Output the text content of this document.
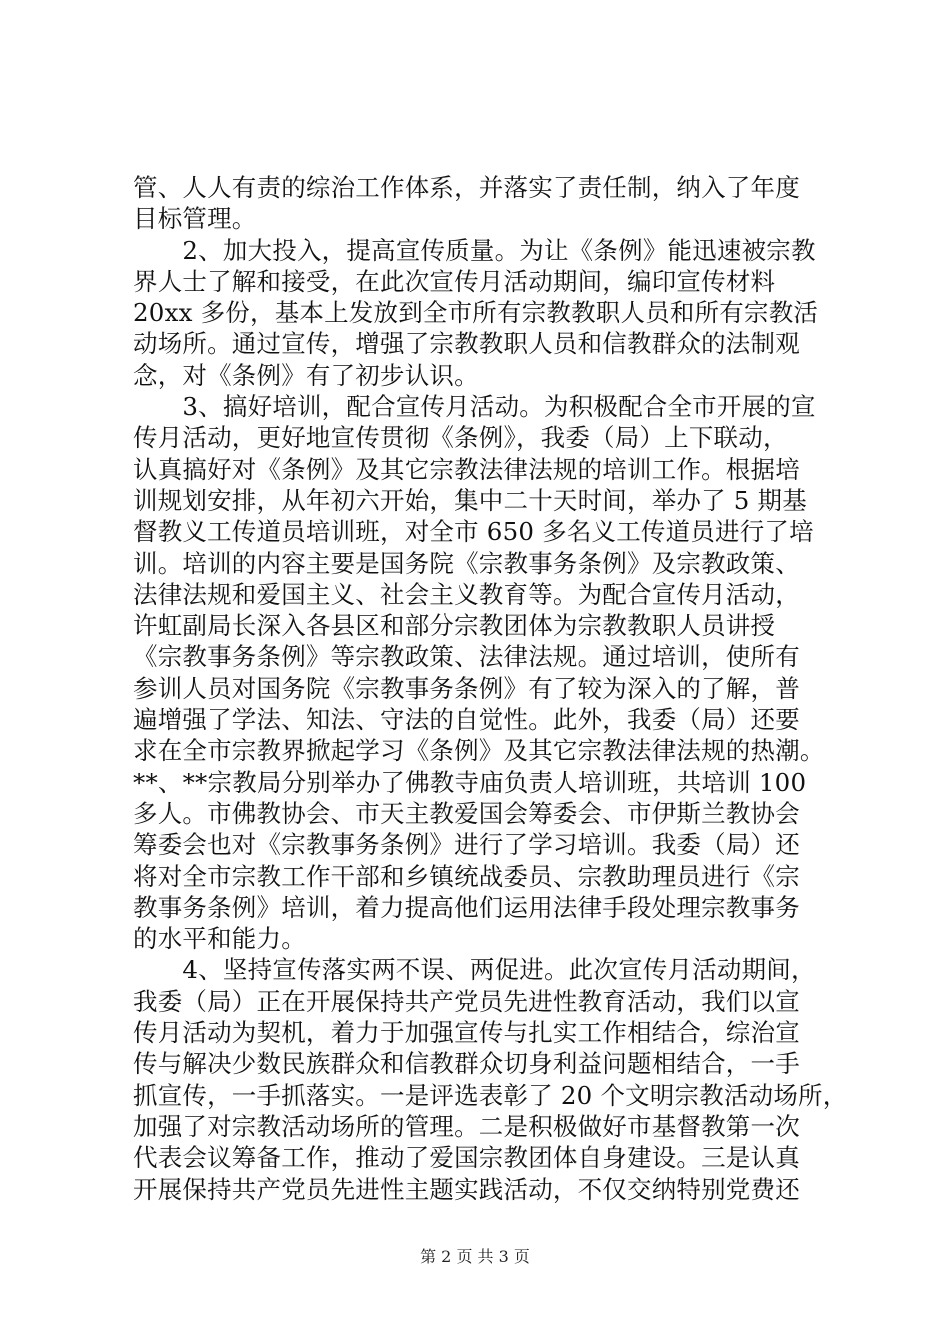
管、人人有责的综治工作体系，并落实了责任制，纳入了年度
目标管理。
　　2、加大投入，提高宣传质量。为让《条例》能迅速被宗教
界人士了解和接受，在此次宣传月活动期间，编印宣传材料
20xx 多份，基本上发放到全市所有宗教教职人员和所有宗教活
动场所。通过宣传，增强了宗教教职人员和信教群众的法制观
念，对《条例》有了初步认识。
　　3、搞好培训，配合宣传月活动。为积极配合全市开展的宣
传月活动，更好地宣传贯彻《条例》，我委（局）上下联动，
认真搞好对《条例》及其它宗教法律法规的培训工作。根据培
训规划安排，从年初六开始，集中二十天时间，举办了 5 期基
督教义工传道员培训班，对全市 650 多名义工传道员进行了培
训。培训的内容主要是国务院《宗教事务条例》及宗教政策、
法律法规和爱国主义、社会主义教育等。为配合宣传月活动，
许虹副局长深入各县区和部分宗教团体为宗教教职人员讲授
《宗教事务条例》等宗教政策、法律法规。通过培训，使所有
参训人员对国务院《宗教事务条例》有了较为深入的了解，普
遍增强了学法、知法、守法的自觉性。此外，我委（局）还要
求在全市宗教界掀起学习《条例》及其它宗教法律法规的热潮。
**、**宗教局分别举办了佛教寺庙负责人培训班，共培训 100
多人。市佛教协会、市天主教爱国会筹委会、市伊斯兰教协会
筹委会也对《宗教事务条例》进行了学习培训。我委（局）还
将对全市宗教工作干部和乡镇统战委员、宗教助理员进行《宗
教事务条例》培训，着力提高他们运用法律手段处理宗教事务
的水平和能力。
　　4、坚持宣传落实两不误、两促进。此次宣传月活动期间，
我委（局）正在开展保持共产党员先进性教育活动，我们以宣
传月活动为契机，着力于加强宣传与扎实工作相结合，综治宣
传与解决少数民族群众和信教群众切身利益问题相结合，一手
抓宣传，一手抓落实。一是评选表彰了 20 个文明宗教活动场所，
加强了对宗教活动场所的管理。二是积极做好市基督教第一次
代表会议筹备工作，推动了爱国宗教团体自身建设。三是认真
开展保持共产党员先进性主题实践活动，不仅交纳特别党费还
第 2 页 共 3 页
